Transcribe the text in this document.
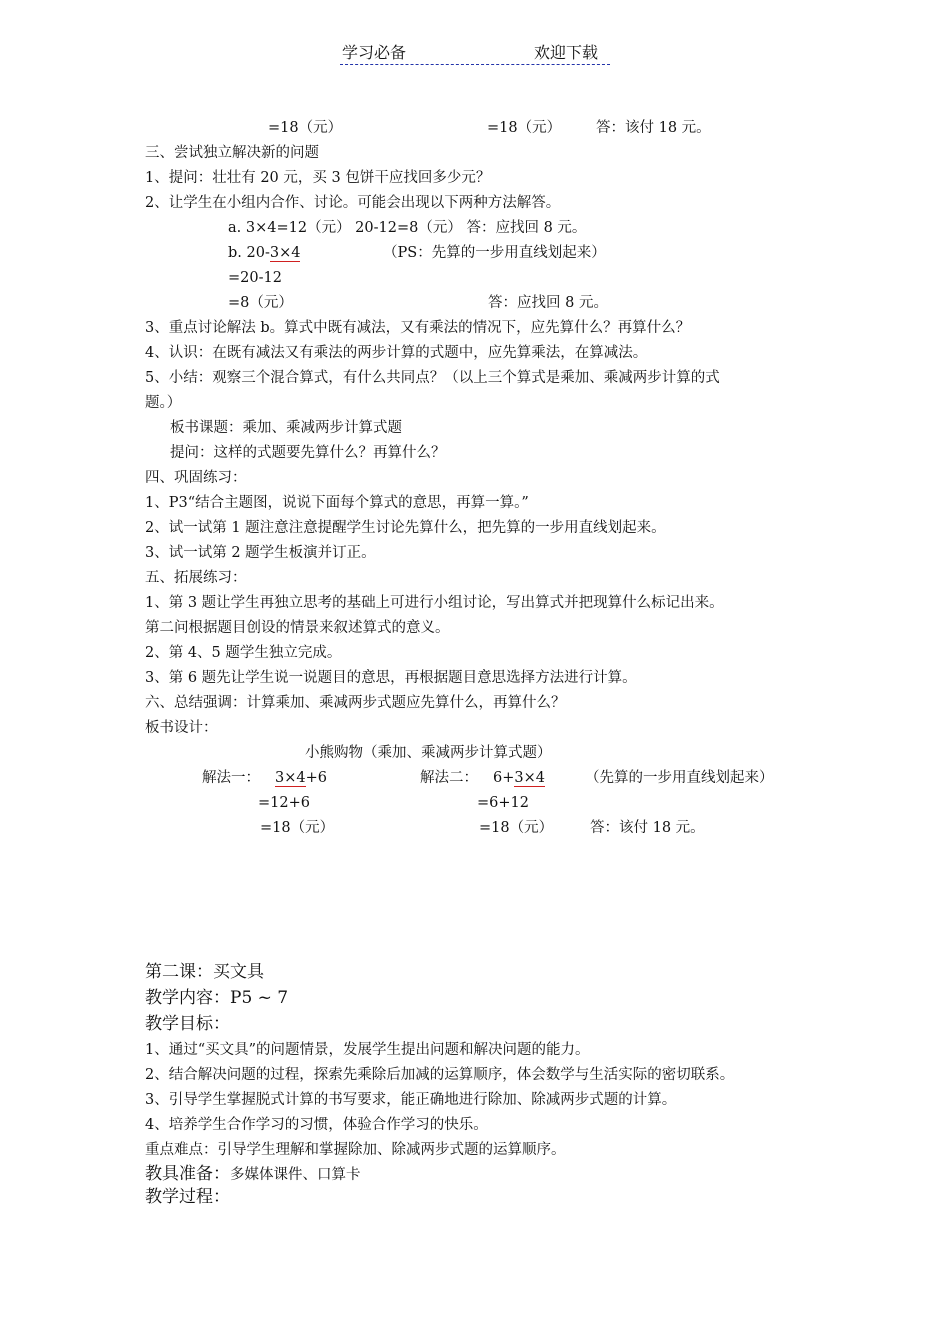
学习必备	欢迎下载
=18（元）	=18（元） 答：该付 18 元。
三、尝试独立解决新的问题
1、提问：壮壮有 20 元，买 3 包饼干应找回多少元？
2、让学生在小组内合作、讨论。可能会出现以下两种方法解答。
a. 3×4=12（元） 20-12=8（元） 答：应找回 8 元。
b. 20-3×4	（PS：先算的一步用直线划起来）
=20-12
=8（元）	答：应找回 8 元。
3、重点讨论解法 b。算式中既有减法，又有乘法的情况下，应先算什么？再算什么？
4、认识：在既有减法又有乘法的两步计算的式题中，应先算乘法，在算减法。
5、小结：观察三个混合算式，有什么共同点？（以上三个算式是乘加、乘减两步计算的式
题。）
板书课题：乘加、乘减两步计算式题
提问：这样的式题要先算什么？再算什么？
四、巩固练习：
1、P3“结合主题图，说说下面每个算式的意思，再算一算。”
2、试一试第 1 题注意注意提醒学生讨论先算什么，把先算的一步用直线划起来。
3、试一试第 2 题学生板演并订正。
五、拓展练习：
1、第 3 题让学生再独立思考的基础上可进行小组讨论，写出算式并把现算什么标记出来。
第二问根据题目创设的情景来叙述算式的意义。
2、第 4、5 题学生独立完成。
3、第 6 题先让学生说一说题目的意思，再根据题目意思选择方法进行计算。
六、总结强调：计算乘加、乘减两步式题应先算什么，再算什么？
板书设计：
小熊购物（乘加、乘减两步计算式题）
解法一： 3×4+6	解法二： 6+3×4	（先算的一步用直线划起来）
=12+6	=6+12
=18（元）	=18（元）	答：该付 18 元。
第二课：买文具
教学内容：P5 ~ 7
教学目标：
1、通过“买文具”的问题情景，发展学生提出问题和解决问题的能力。
2、结合解决问题的过程，探索先乘除后加减的运算顺序，体会数学与生活实际的密切联系。
3、引导学生掌握脱式计算的书写要求，能正确地进行除加、除减两步式题的计算。
4、培养学生合作学习的习惯，体验合作学习的快乐。
重点难点：引导学生理解和掌握除加、除减两步式题的运算顺序。
教具准备：多媒体课件、口算卡
教学过程：
